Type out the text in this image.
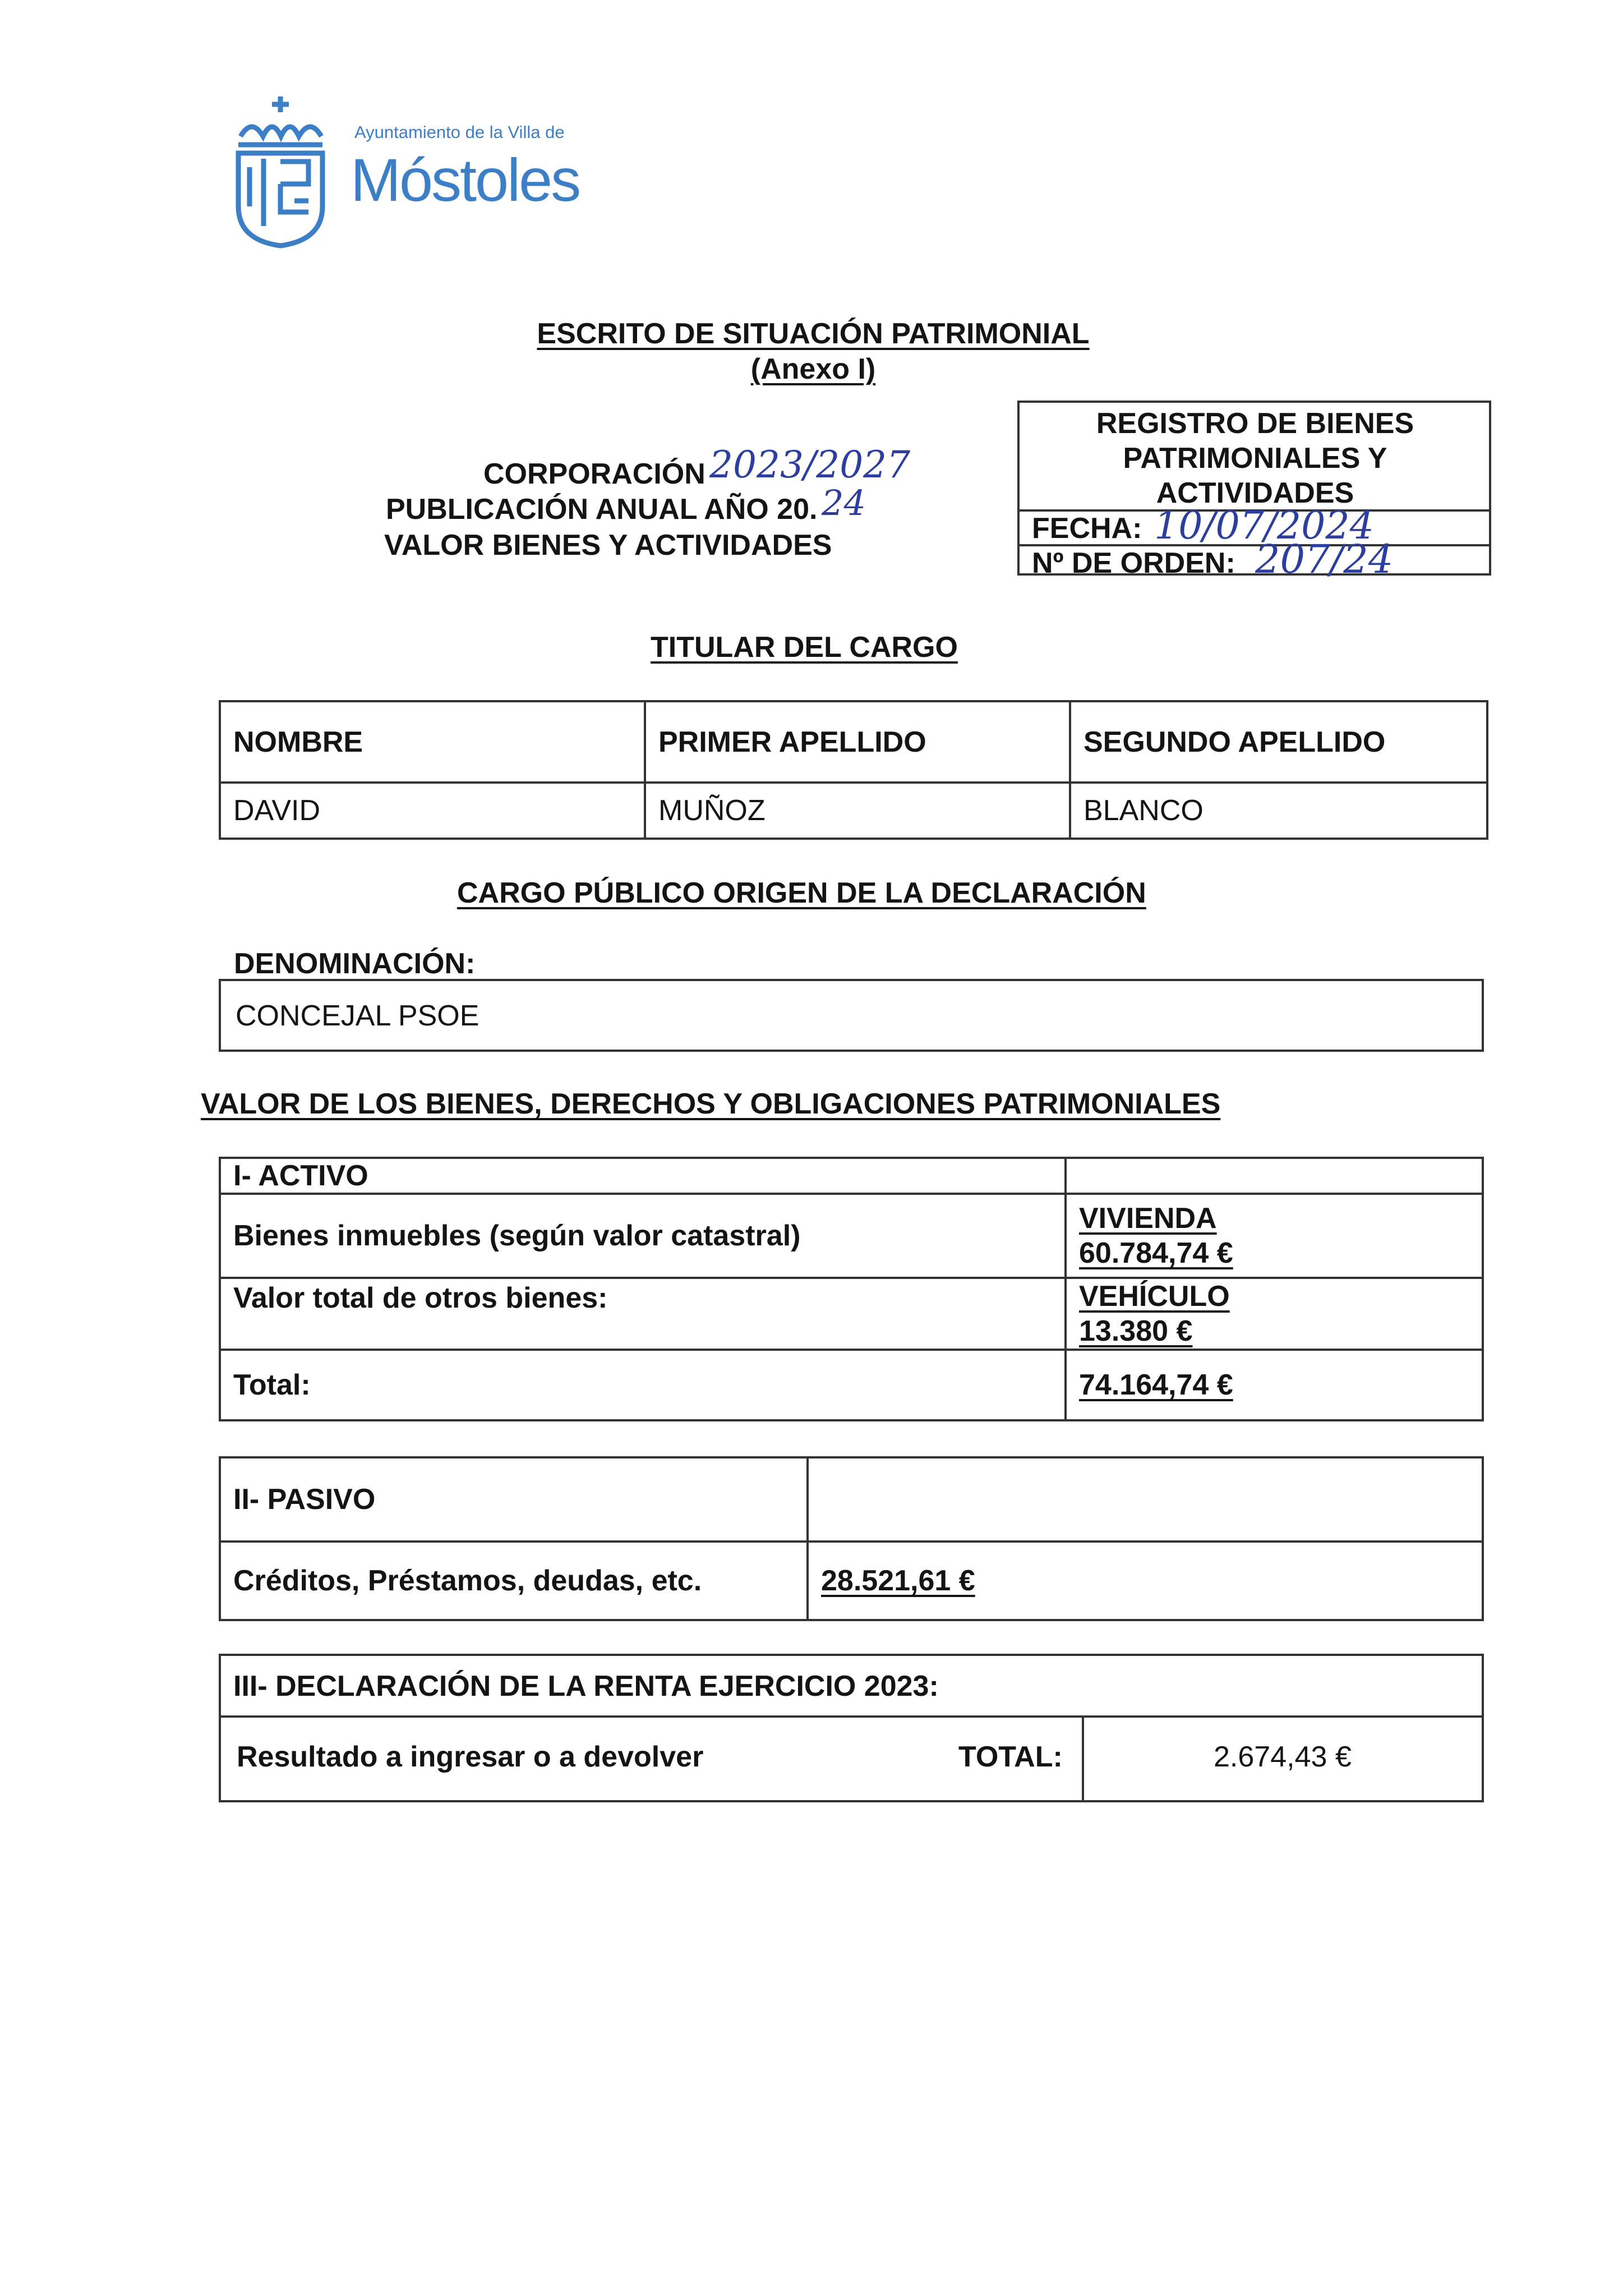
Ayuntamiento de la Villa de
Móstoles
ESCRITO DE SITUACIÓN PATRIMONIAL
(Anexo I)
CORPORACIÓN 2023/2027
PUBLICACIÓN ANUAL AÑO 20. 24
VALOR BIENES Y ACTIVIDADES
REGISTRO DE BIENES PATRIMONIALES Y ACTIVIDADES
FECHA: 10/07/2024
Nº DE ORDEN: 207/24
TITULAR DEL CARGO
NOMBRE	PRIMER APELLIDO	SEGUNDO APELLIDO
DAVID	MUÑOZ	BLANCO
CARGO PÚBLICO ORIGEN DE LA DECLARACIÓN
DENOMINACIÓN:
CONCEJAL PSOE
VALOR DE LOS BIENES, DERECHOS Y OBLIGACIONES PATRIMONIALES
I- ACTIVO	
Bienes inmuebles (según valor catastral)	VIVIENDA
60.784,74 €

Valor total de otros bienes:	VEHÍCULO
13.380 €

Total:	74.164,74 €
II- PASIVO	
Créditos, Préstamos, deudas, etc.	28.521,61 €
III- DECLARACIÓN DE LA RENTA EJERCICIO 2023:
Resultado a ingresar o a devolver	TOTAL:	2.674,43 €
